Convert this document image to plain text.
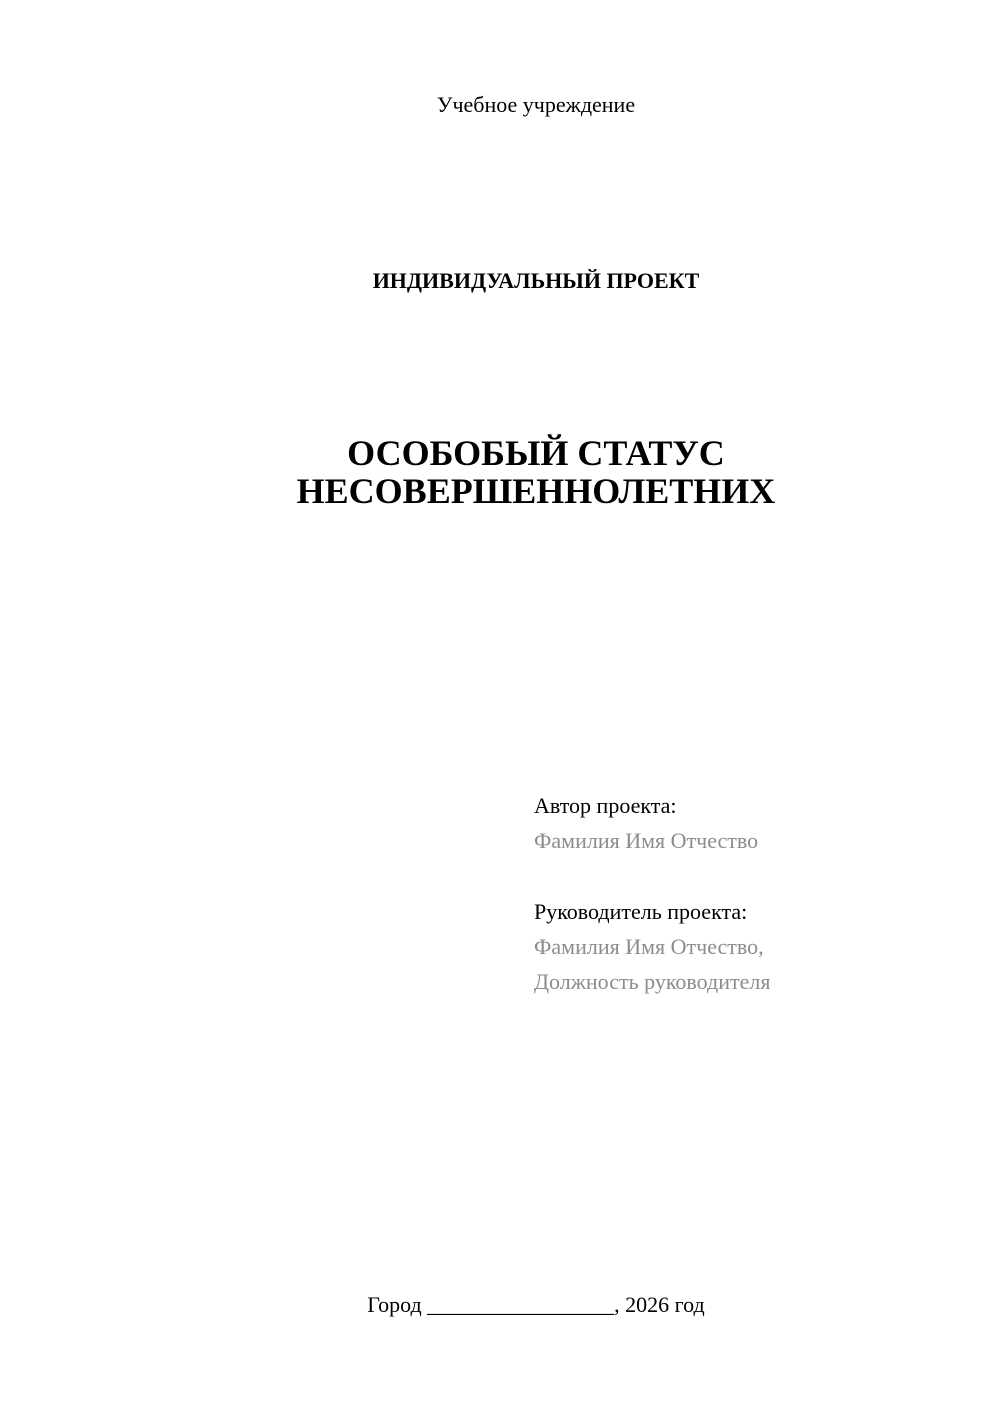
Учебное учреждение
ИНДИВИДУАЛЬНЫЙ ПРОЕКТ
ОСОБОБЫЙ СТАТУС
НЕСОВЕРШЕННОЛЕТНИХ
Автор проекта:
Фамилия Имя Отчество
Руководитель проекта:
Фамилия Имя Отчество,
Должность руководителя
Город _________________, 2026 год
